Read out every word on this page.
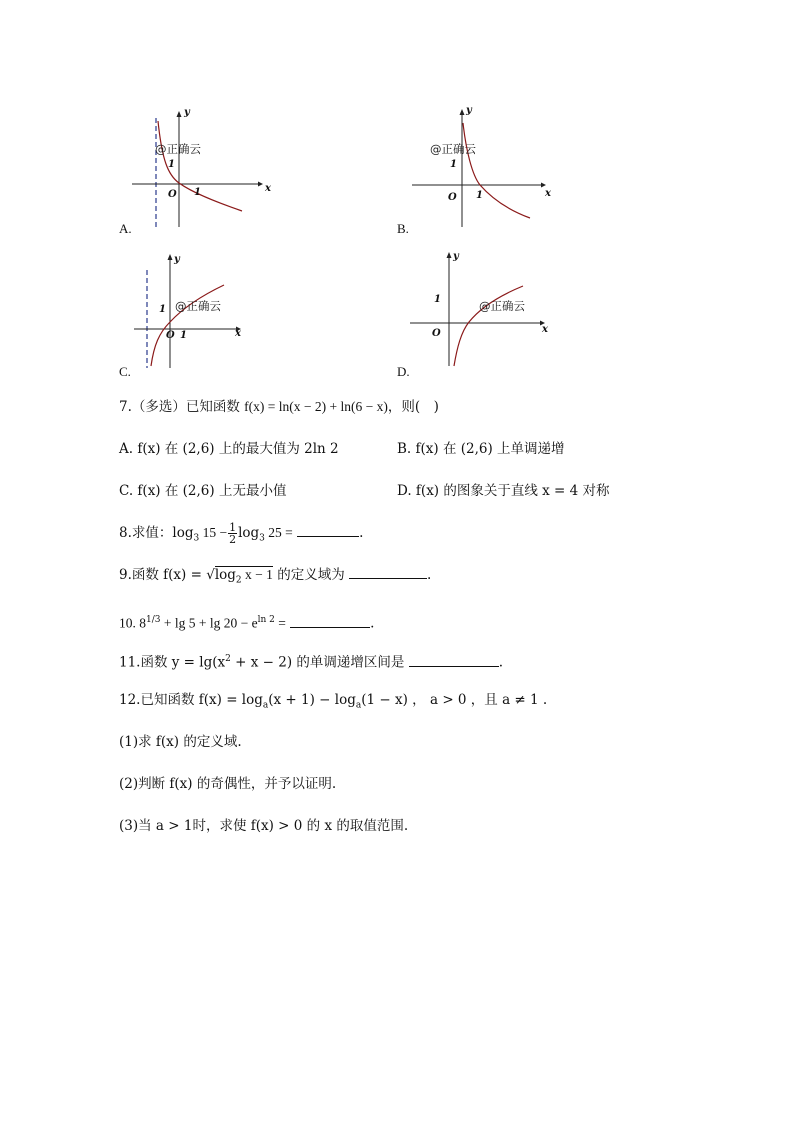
x
y
O
1
1
@正确云
A.
x
y
O
1
1
@正确云
B.
x
y
O
1
1
@正确云
C.
x
y
O
1	@正确云
D.
7.（多选）已知函数 f(x) = ln(x − 2) + ln(6 − x)，则(　)
A. f(x) 在 (2,6) 上的最大值为 2ln 2	B. f(x) 在 (2,6) 上单调递增
C. f(x) 在 (2,6) 上无最小值	D. f(x) 的图象关于直线 x = 4 对称
8.求值：$\log_3 15 - \frac{1}{2} \log_3 25$ =	.
9.函数 $f(x) = √\log_2$ x − 1 的定义域为	.
10. $8^{1/3} + \lg 5 + \lg 20 - e^{ln 2}$ =	.
11.函数 $y = \lg(x^2 + x - 2)$ 的单调递增区间是	.
12.已知函数 $f(x) = \log_a(x + 1) - \log_a(1 - x)$ ， a > 0 ，且 a ≠ 1 .
(1)求 f(x) 的定义域.
(2)判断 f(x) 的奇偶性，并予以证明.
(3)当 a > 1时，求使 f(x) > 0 的 x 的取值范围.
